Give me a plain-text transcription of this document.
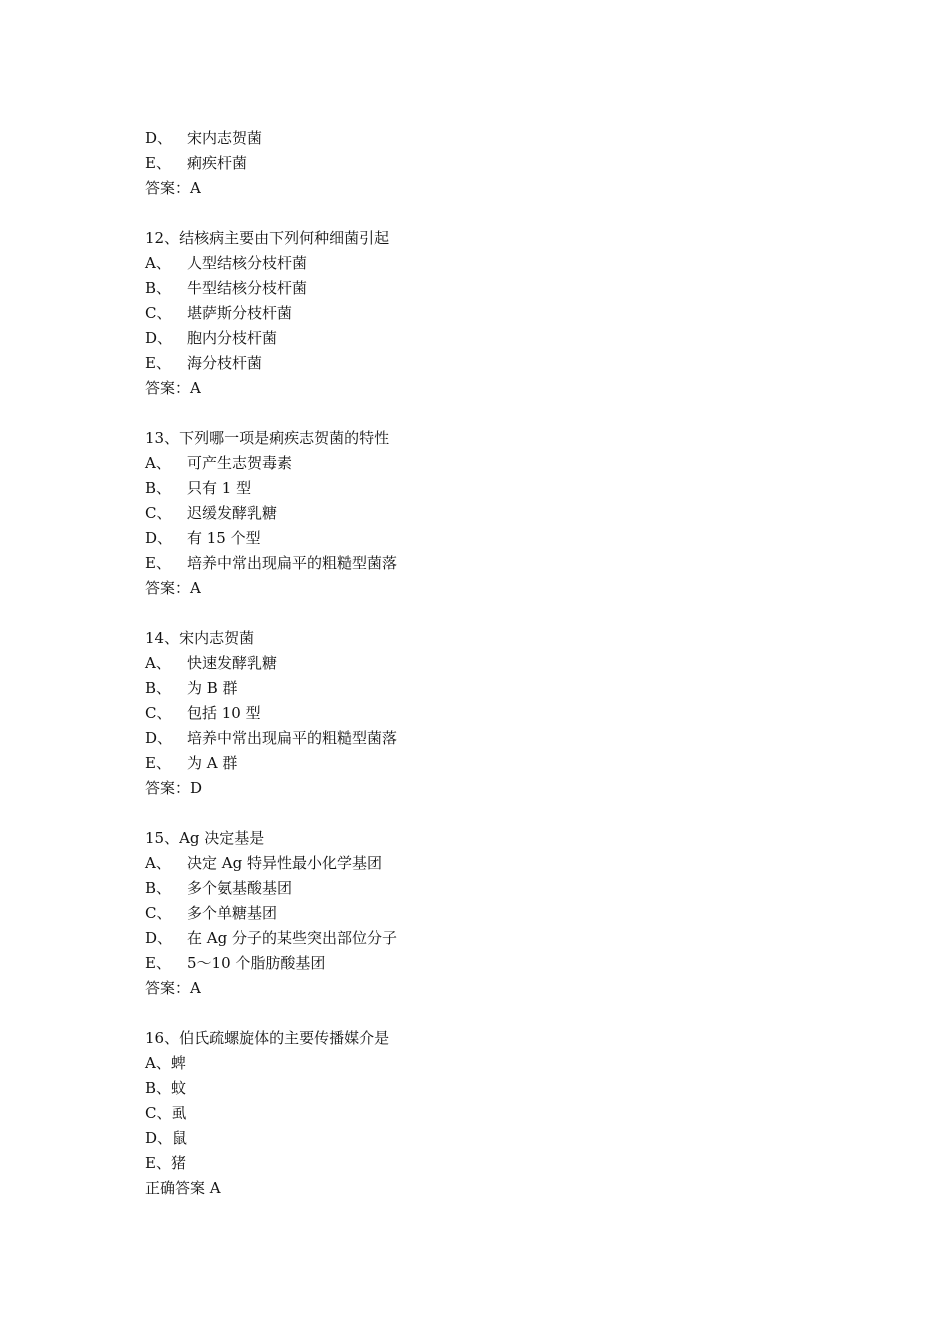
D、 宋内志贺菌
E、 痢疾杆菌
答案：A
12、结核病主要由下列何种细菌引起
A、 人型结核分枝杆菌
B、 牛型结核分枝杆菌
C、 堪萨斯分枝杆菌
D、 胞内分枝杆菌
E、 海分枝杆菌
答案：A
13、下列哪一项是痢疾志贺菌的特性
A、 可产生志贺毒素
B、 只有 1 型
C、 迟缓发酵乳糖
D、 有 15 个型
E、 培养中常出现扁平的粗糙型菌落
答案：A
14、宋内志贺菌
A、 快速发酵乳糖
B、 为 B 群
C、 包括 10 型
D、 培养中常出现扁平的粗糙型菌落
E、 为 A 群
答案：D
15、Ag 决定基是
A、 决定 Ag 特异性最小化学基团
B、 多个氨基酸基团
C、 多个单糖基团
D、 在 Ag 分子的某些突出部位分子
E、 5～10 个脂肪酸基团
答案：A
16、伯氏疏螺旋体的主要传播媒介是
A、蜱
B、蚊
C、虱
D、鼠
E、猪
正确答案 A
